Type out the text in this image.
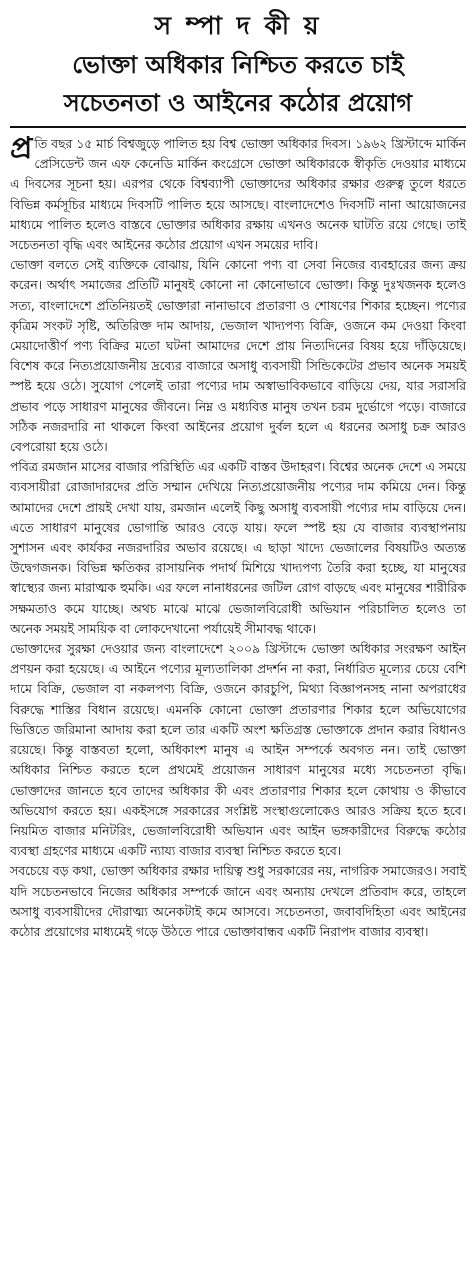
স ম্পা দ কী য়
ভোক্তা অধিকার নিশ্চিত করতে চাই
সচেতনতা ও আইনের কঠোর প্রয়োগ

প্রতি বছর ১৫ মার্চ বিশ্বজুড়ে পালিত হয় বিশ্ব ভোক্তা অধিকার দিবস। ১৯৬২ খ্রিস্টাব্দে মার্কিন প্রেসিডেন্ট জন এফ কেনেডি মার্কিন কংগ্রেসে ভোক্তা অধিকারকে স্বীকৃতি দেওয়ার মাধ্যমে এ দিবসের সূচনা হয়। এরপর থেকে বিশ্বব্যাপী ভোক্তাদের অধিকার রক্ষার গুরুত্ব তুলে ধরতে বিভিন্ন কর্মসূচির মাধ্যমে দিবসটি পালিত হয়ে আসছে। বাংলাদেশেও দিবসটি নানা আয়োজনের মাধ্যমে পালিত হলেও বাস্তবে ভোক্তার অধিকার রক্ষায় এখনও অনেক ঘাটতি রয়ে গেছে। তাই সচেতনতা বৃদ্ধি এবং আইনের কঠোর প্রয়োগ এখন সময়ের দাবি।

ভোক্তা বলতে সেই ব্যক্তিকে বোঝায়, যিনি কোনো পণ্য বা সেবা নিজের ব্যবহারের জন্য ক্রয় করেন। অর্থাৎ সমাজের প্রতিটি মানুষই কোনো না কোনোভাবে ভোক্তা। কিন্তু দুঃখজনক হলেও সত্য, বাংলাদেশে প্রতিনিয়তই ভোক্তারা নানাভাবে প্রতারণা ও শোষণের শিকার হচ্ছেন। পণ্যের কৃত্রিম সংকট সৃষ্টি, অতিরিক্ত দাম আদায়, ভেজাল খাদ্যপণ্য বিক্রি, ওজনে কম দেওয়া কিংবা মেয়াদোত্তীর্ণ পণ্য বিক্রির মতো ঘটনা আমাদের দেশে প্রায় নিত্যদিনের বিষয় হয়ে দাঁড়িয়েছে। বিশেষ করে নিত্যপ্রয়োজনীয় দ্রব্যের বাজারে অসাধু ব্যবসায়ী সিন্ডিকেটের প্রভাব অনেক সময়ই স্পষ্ট হয়ে ওঠে। সুযোগ পেলেই তারা পণ্যের দাম অস্বাভাবিকভাবে বাড়িয়ে দেয়, যার সরাসরি প্রভাব পড়ে সাধারণ মানুষের জীবনে। নিম্ন ও মধ্যবিত্ত মানুষ তখন চরম দুর্ভোগে পড়ে। বাজারে সঠিক নজরদারি না থাকলে কিংবা আইনের প্রয়োগ দুর্বল হলে এ ধরনের অসাধু চক্র আরও বেপরোয়া হয়ে ওঠে।

পবিত্র রমজান মাসের বাজার পরিস্থিতি এর একটি বাস্তব উদাহরণ। বিশ্বের অনেক দেশে এ সময়ে ব্যবসায়ীরা রোজাদারদের প্রতি সম্মান দেখিয়ে নিত্যপ্রয়োজনীয় পণ্যের দাম কমিয়ে দেন। কিন্তু আমাদের দেশে প্রায়ই দেখা যায়, রমজান এলেই কিছু অসাধু ব্যবসায়ী পণ্যের দাম বাড়িয়ে দেন। এতে সাধারণ মানুষের ভোগান্তি আরও বেড়ে যায়। ফলে স্পষ্ট হয় যে বাজার ব্যবস্থাপনায় সুশাসন এবং কার্যকর নজরদারির অভাব রয়েছে। এ ছাড়া খাদ্যে ভেজালের বিষয়টিও অত্যন্ত উদ্বেগজনক। বিভিন্ন ক্ষতিকর রাসায়নিক পদার্থ মিশিয়ে খাদ্যপণ্য তৈরি করা হচ্ছে, যা মানুষের স্বাস্থ্যের জন্য মারাত্মক হুমকি। এর ফলে নানাধরনের জটিল রোগ বাড়ছে এবং মানুষের শারীরিক সক্ষমতাও কমে যাচ্ছে। অথচ মাঝে মাঝে ভেজালবিরোধী অভিযান পরিচালিত হলেও তা অনেক সময়ই সাময়িক বা লোকদেখানো পর্যায়েই সীমাবদ্ধ থাকে।

ভোক্তাদের সুরক্ষা দেওয়ার জন্য বাংলাদেশে ২০০৯ খ্রিস্টাব্দে ভোক্তা অধিকার সংরক্ষণ আইন প্রণয়ন করা হয়েছে। এ আইনে পণ্যের মূল্যতালিকা প্রদর্শন না করা, নির্ধারিত মূল্যের চেয়ে বেশি দামে বিক্রি, ভেজাল বা নকলপণ্য বিক্রি, ওজনে কারচুপি, মিথ্যা বিজ্ঞাপনসহ নানা অপরাধের বিরুদ্ধে শাস্তির বিধান রয়েছে। এমনকি কোনো ভোক্তা প্রতারণার শিকার হলে অভিযোগের ভিত্তিতে জরিমানা আদায় করা হলে তার একটি অংশ ক্ষতিগ্রস্ত ভোক্তাকে প্রদান করার বিধানও রয়েছে। কিন্তু বাস্তবতা হলো, অধিকাংশ মানুষ এ আইন সম্পর্কে অবগত নন। তাই ভোক্তা অধিকার নিশ্চিত করতে হলে প্রথমেই প্রয়োজন সাধারণ মানুষের মধ্যে সচেতনতা বৃদ্ধি। ভোক্তাদের জানতে হবে তাদের অধিকার কী এবং প্রতারণার শিকার হলে কোথায় ও কীভাবে অভিযোগ করতে হয়। একইসঙ্গে সরকারের সংশ্লিষ্ট সংস্থাগুলোকেও আরও সক্রিয় হতে হবে। নিয়মিত বাজার মনিটরিং, ভেজালবিরোধী অভিযান এবং আইন ভঙ্গকারীদের বিরুদ্ধে কঠোর ব্যবস্থা গ্রহণের মাধ্যমে একটি ন্যায্য বাজার ব্যবস্থা নিশ্চিত করতে হবে।

সবচেয়ে বড় কথা, ভোক্তা অধিকার রক্ষার দায়িত্ব শুধু সরকারের নয়, নাগরিক সমাজেরও। সবাই যদি সচেতনভাবে নিজের অধিকার সম্পর্কে জানে এবং অন্যায় দেখলে প্রতিবাদ করে, তাহলে অসাধু ব্যবসায়ীদের দৌরাত্ম্য অনেকটাই কমে আসবে। সচেতনতা, জবাবদিহিতা এবং আইনের কঠোর প্রয়োগের মাধ্যমেই গড়ে উঠতে পারে ভোক্তাবান্ধব একটি নিরাপদ বাজার ব্যবস্থা।
